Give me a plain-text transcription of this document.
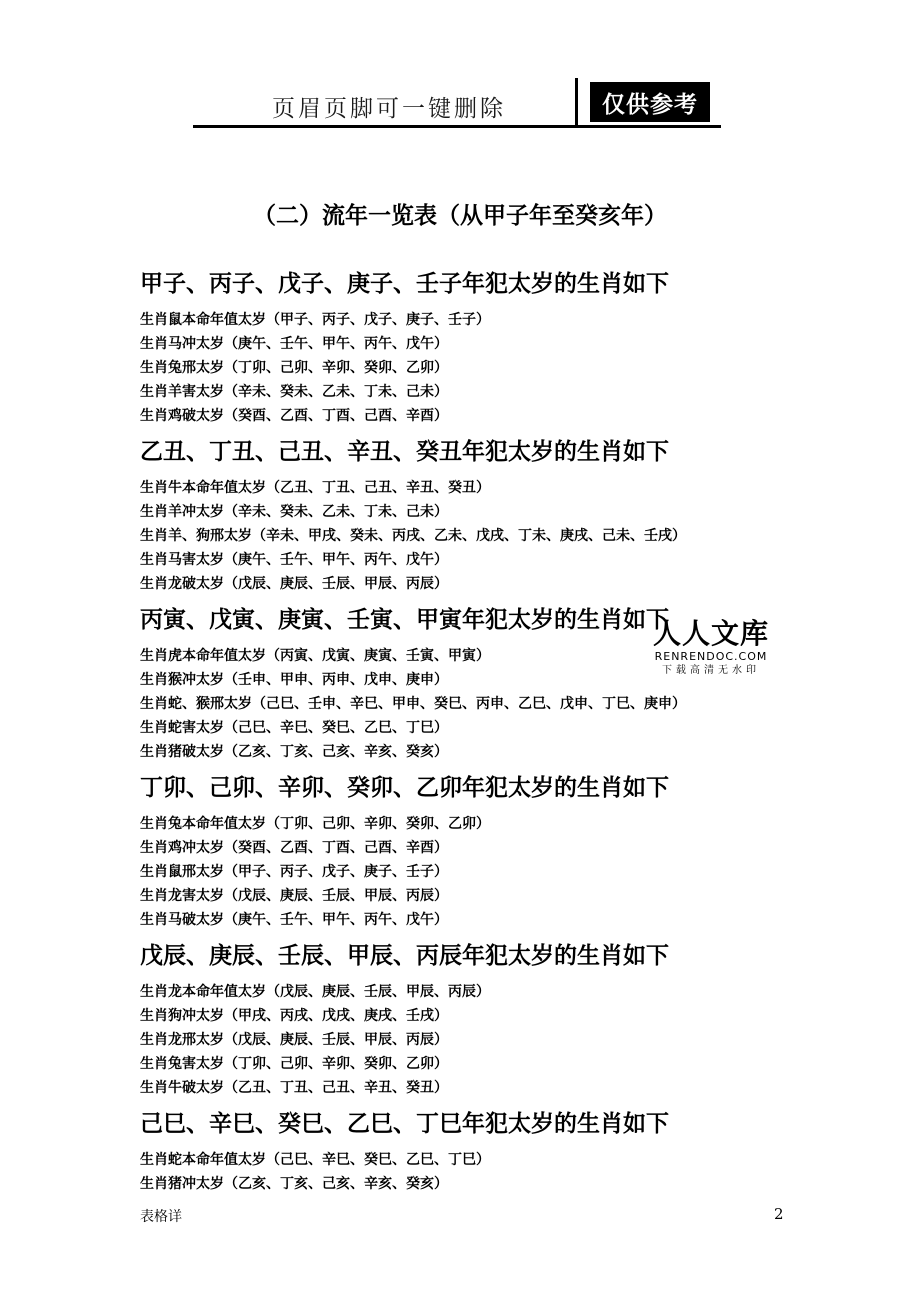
页眉页脚可一键删除	仅供参考
（二）流年一览表（从甲子年至癸亥年）
甲子、丙子、戊子、庚子、壬子年犯太岁的生肖如下
生肖鼠本命年值太岁（甲子、丙子、戊子、庚子、壬子）
生肖马冲太岁（庚午、壬午、甲午、丙午、戊午）
生肖兔邢太岁（丁卯、己卯、辛卯、癸卯、乙卯）
生肖羊害太岁（辛未、癸未、乙未、丁未、己未）
生肖鸡破太岁（癸酉、乙酉、丁酉、己酉、辛酉）
乙丑、丁丑、己丑、辛丑、癸丑年犯太岁的生肖如下
生肖牛本命年值太岁（乙丑、丁丑、己丑、辛丑、癸丑）
生肖羊冲太岁（辛未、癸未、乙未、丁未、己未）
生肖羊、狗邢太岁（辛未、甲戌、癸未、丙戌、乙未、戊戌、丁未、庚戌、己未、壬戌）
生肖马害太岁（庚午、壬午、甲午、丙午、戊午）
生肖龙破太岁（戊辰、庚辰、壬辰、甲辰、丙辰）
丙寅、戊寅、庚寅、壬寅、甲寅年犯太岁的生肖如下
生肖虎本命年值太岁（丙寅、戊寅、庚寅、壬寅、甲寅）
生肖猴冲太岁（壬申、甲申、丙申、戊申、庚申）
生肖蛇、猴邢太岁（己巳、壬申、辛巳、甲申、癸巳、丙申、乙巳、戊申、丁巳、庚申）
生肖蛇害太岁（己巳、辛巳、癸巳、乙巳、丁巳）
生肖猪破太岁（乙亥、丁亥、己亥、辛亥、癸亥）
丁卯、己卯、辛卯、癸卯、乙卯年犯太岁的生肖如下
生肖兔本命年值太岁（丁卯、己卯、辛卯、癸卯、乙卯）
生肖鸡冲太岁（癸酉、乙酉、丁酉、己酉、辛酉）
生肖鼠邢太岁（甲子、丙子、戊子、庚子、壬子）
生肖龙害太岁（戊辰、庚辰、壬辰、甲辰、丙辰）
生肖马破太岁（庚午、壬午、甲午、丙午、戊午）
戊辰、庚辰、壬辰、甲辰、丙辰年犯太岁的生肖如下
生肖龙本命年值太岁（戊辰、庚辰、壬辰、甲辰、丙辰）
生肖狗冲太岁（甲戌、丙戌、戊戌、庚戌、壬戌）
生肖龙邢太岁（戊辰、庚辰、壬辰、甲辰、丙辰）
生肖兔害太岁（丁卯、己卯、辛卯、癸卯、乙卯）
生肖牛破太岁（乙丑、丁丑、己丑、辛丑、癸丑）
己巳、辛巳、癸巳、乙巳、丁巳年犯太岁的生肖如下
生肖蛇本命年值太岁（己巳、辛巳、癸巳、乙巳、丁巳）
生肖猪冲太岁（乙亥、丁亥、己亥、辛亥、癸亥）
人人文库
RENRENDOC.COM
下载高清无水印
表格详	2
